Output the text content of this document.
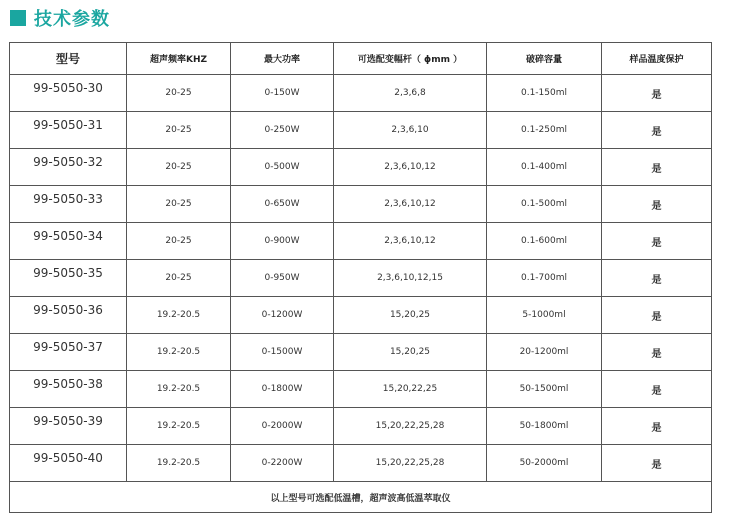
技术参数
型号	超声频率KHZ	最大功率	可选配变幅杆（ ϕmm ）	破碎容量	样品温度保护
99-5050-30	20-25	0-150W	2,3,6,8	0.1-150ml	是
99-5050-31	20-25	0-250W	2,3,6,10	0.1-250ml	是
99-5050-32	20-25	0-500W	2,3,6,10,12	0.1-400ml	是
99-5050-33	20-25	0-650W	2,3,6,10,12	0.1-500ml	是
99-5050-34	20-25	0-900W	2,3,6,10,12	0.1-600ml	是
99-5050-35	20-25	0-950W	2,3,6,10,12,15	0.1-700ml	是
99-5050-36	19.2-20.5	0-1200W	15,20,25	5-1000ml	是
99-5050-37	19.2-20.5	0-1500W	15,20,25	20-1200ml	是
99-5050-38	19.2-20.5	0-1800W	15,20,22,25	50-1500ml	是
99-5050-39	19.2-20.5	0-2000W	15,20,22,25,28	50-1800ml	是
99-5050-40	19.2-20.5	0-2200W	15,20,22,25,28	50-2000ml	是
以上型号可选配低温槽，超声波高低温萃取仪					
